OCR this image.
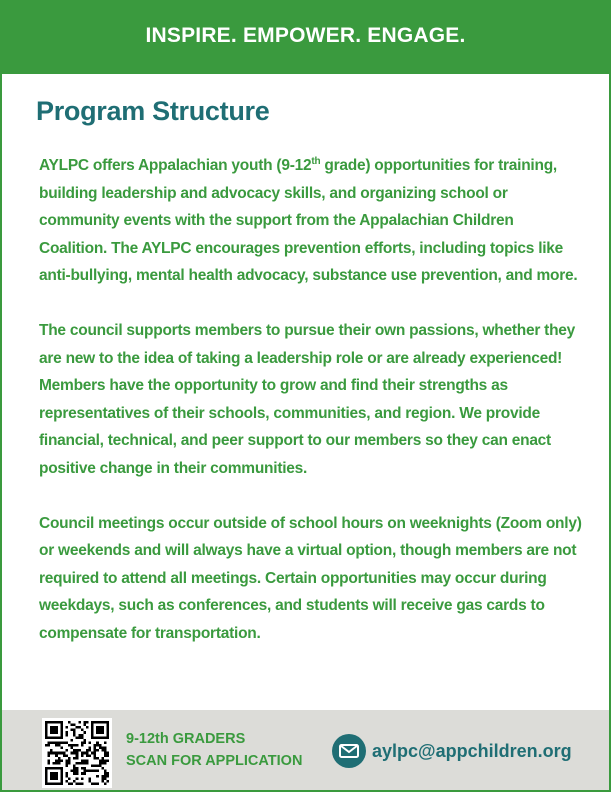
INSPIRE. EMPOWER. ENGAGE.
Program Structure

AYLPC offers Appalachian youth (9-12th grade) opportunities for training, building leadership and advocacy skills, and organizing school or community events with the support from the Appalachian Children Coalition. The AYLPC encourages prevention efforts, including topics like anti-bullying, mental health advocacy, substance use prevention, and more.

The council supports members to pursue their own passions, whether they are new to the idea of taking a leadership role or are already experienced! Members have the opportunity to grow and find their strengths as representatives of their schools, communities, and region. We provide financial, technical, and peer support to our members so they can enact positive change in their communities.

Council meetings occur outside of school hours on weeknights (Zoom only) or weekends and will always have a virtual option, though members are not required to attend all meetings. Certain opportunities may occur during weekdays, such as conferences, and students will receive gas cards to compensate for transportation.

9-12th GRADERS
SCAN FOR APPLICATION
aylpc@appchildren.org
